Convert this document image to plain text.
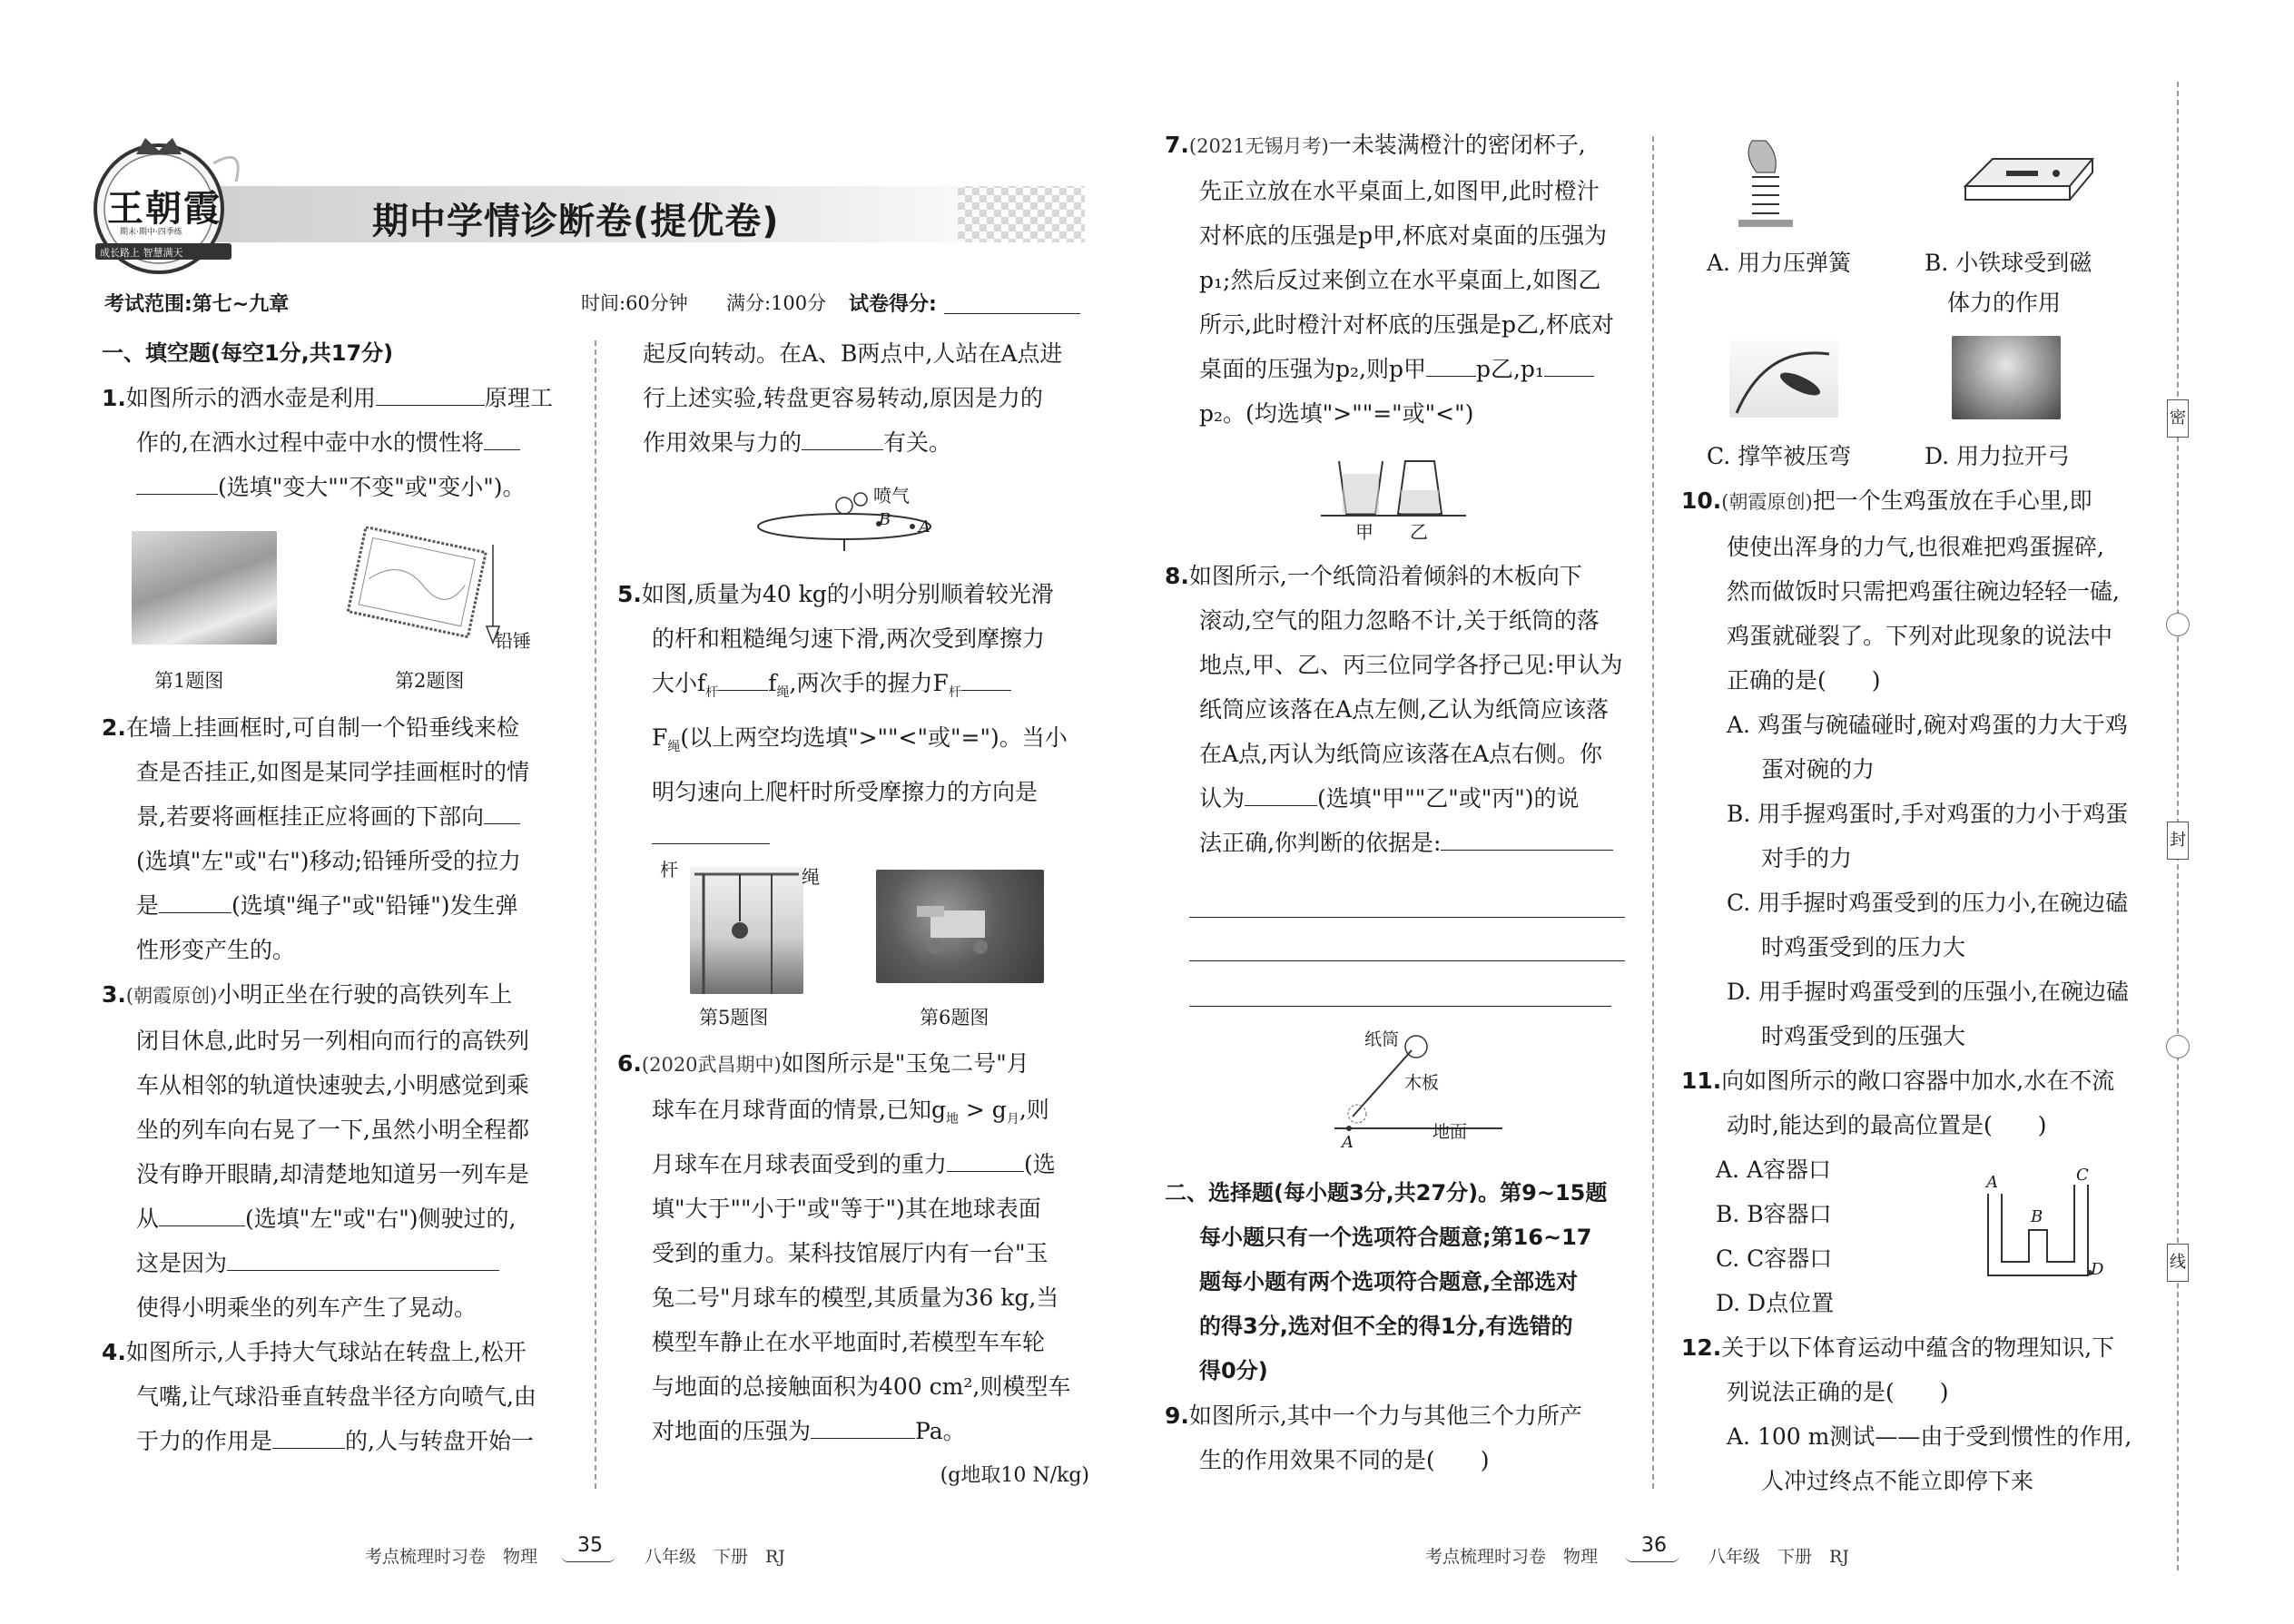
王朝霞
期末·期中·四季练
成长路上 智慧满天
期中学情诊断卷(提优卷)
考试范围:第七~九章	时间:60分钟 满分:100分 试卷得分:

一、填空题(每空1分,共17分)

1.如图所示的洒水壶是利用	原理工作的,在洒水过程中壶中水的惯性将
(选填"变大""不变"或"变小")。

铅锤
第1题图	第2题图

2.在墙上挂画框时,可自制一个铅垂线来检
查是否挂正,如图是某同学挂画框时的情
景,若要将画框挂正应将画的下部向
(选填"左"或"右")移动;铅锤所受的拉力
是	(选填"绳子"或"铅锤")发生弹
性形变产生的。

3.(朝霞原创)小明正坐在行驶的高铁列车上
闭目休息,此时另一列相向而行的高铁列
车从相邻的轨道快速驶去,小明感觉到乘
坐的列车向右晃了一下,虽然小明全程都
没有睁开眼睛,却清楚地知道另一列车是
从	(选填"左"或"右")侧驶过的,
这是因为
使得小明乘坐的列车产生了晃动。

4.如图所示,人手持大气球站在转盘上,松开
气嘴,让气球沿垂直转盘半径方向喷气,由
于力的作用是	的,人与转盘开始一

起反向转动。在A、B两点中,人站在A点进
行上述实验,转盘更容易转动,原因是力的
作用效果与力的	有关。

喷气
B A

5.如图,质量为40 kg的小明分别顺着较光滑
的杆和粗糙绳匀速下滑,两次受到摩擦力
大小$f_杆$ $f_绳$,两次手的握力$F_杆$
$F_绳$(以上两空均选填">""<"或"=")。当小
明匀速向上爬杆时所受摩擦力的方向是

杆	绳
第5题图	第6题图

6.(2020武昌期中)如图所示是"玉兔二号"月
球车在月球背面的情景,已知$g_地 > g_月$,则
月球车在月球表面受到的重力	(选
填"大于""小于"或"等于")其在地球表面
受到的重力。某科技馆展厅内有一台"玉
兔二号"月球车的模型,其质量为36 kg,当
模型车静止在水平地面时,若模型车车轮
与地面的总接触面积为400 cm²,则模型车
对地面的压强为	Pa。

(g地取10 N/kg)

7.(2021无锡月考)一未装满橙汁的密闭杯子,
先正立放在水平桌面上,如图甲,此时橙汁
对杯底的压强是p甲,杯底对桌面的压强为
p₁;然后反过来倒立在水平桌面上,如图乙
所示,此时橙汁对杯底的压强是p乙,杯底对
桌面的压强为p₂,则p甲 p乙,p₁
p₂。(均选填">""="或"<")

甲 乙

8.如图所示,一个纸筒沿着倾斜的木板向下
滚动,空气的阻力忽略不计,关于纸筒的落
地点,甲、乙、丙三位同学各抒己见:甲认为
纸筒应该落在A点左侧,乙认为纸筒应该落
在A点,丙认为纸筒应该落在A点右侧。你
认为	(选填"甲""乙"或"丙")的说
法正确,你判断的依据是:

纸筒
木板
地面
A

二、选择题(每小题3分,共27分)。第9~15题
每小题只有一个选项符合题意;第16~17
题每小题有两个选项符合题意,全部选对
的得3分,选对但不全的得1分,有选错的
得0分)

9.如图所示,其中一个力与其他三个力所产
生的作用效果不同的是(　　)

A. 用力压弹簧	B. 小铁球受到磁
体力的作用

C. 撑竿被压弯	D. 用力拉开弓

10.(朝霞原创)把一个生鸡蛋放在手心里,即
使使出浑身的力气,也很难把鸡蛋握碎,
然而做饭时只需把鸡蛋往碗边轻轻一磕,
鸡蛋就碰裂了。下列对此现象的说法中
正确的是(　　)

A. 鸡蛋与碗磕碰时,碗对鸡蛋的力大于鸡
蛋对碗的力

B. 用手握鸡蛋时,手对鸡蛋的力小于鸡蛋
对手的力

C. 用手握时鸡蛋受到的压力小,在碗边磕
时鸡蛋受到的压力大

D. 用手握时鸡蛋受到的压强小,在碗边磕
时鸡蛋受到的压强大

11.向如图所示的敞口容器中加水,水在不流
动时,能达到的最高位置是(　　)

A. A容器口

B. B容器口

C. C容器口

D. D点位置

12.关于以下体育运动中蕴含的物理知识,下
列说法正确的是(　　)

A. 100 m测试——由于受到惯性的作用,
人冲过终点不能立即停下来

A
B
C
D
密
封
线
考点梳理时习卷　物理 35 八年级　下册　RJ	考点梳理时习卷　物理 36 八年级　下册　RJ
